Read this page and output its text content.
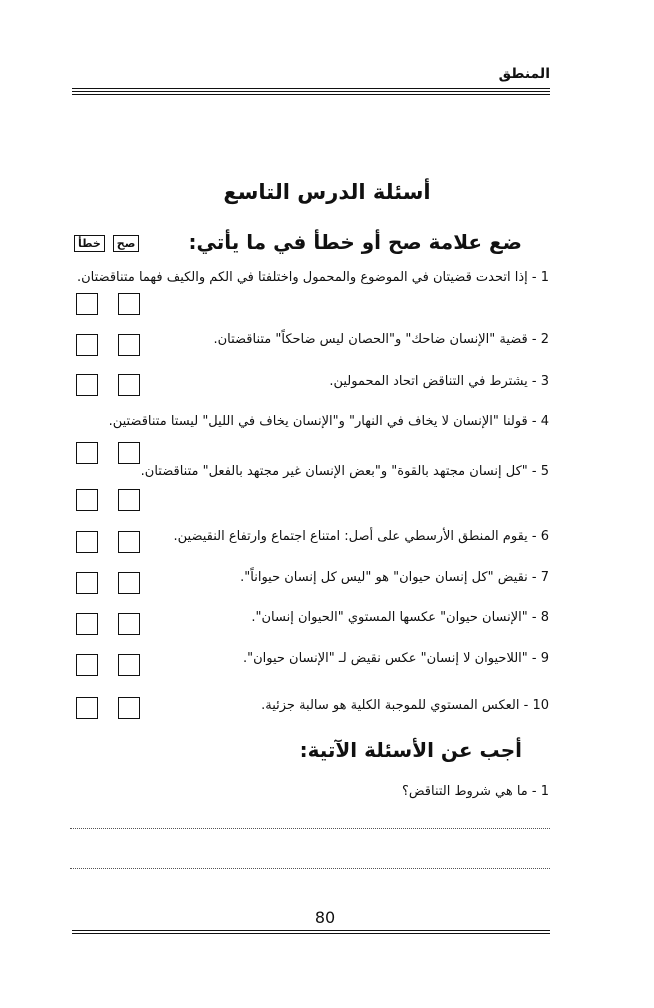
المنطق
أسئلة الدرس التاسع
ضع علامة صح أو خطأ في ما يأتي:
خطأ صح
1 - إذا اتحدت قضيتان في الموضوع والمحمول واختلفتا في الكم والكيف فهما متناقضتان.
2 - قضية "الإنسان ضاحك" و"الحصان ليس ضاحكاً" متناقضتان.
3 - يشترط في التناقض اتحاد المحمولين.
4 - قولنا "الإنسان لا يخاف في النهار" و"الإنسان يخاف في الليل" ليستا متناقضتين.
5 - "كل إنسان مجتهد بالقوة" و"بعض الإنسان غير مجتهد بالفعل" متناقضتان.
6 - يقوم المنطق الأرسطي على أصل: امتناع اجتماع وارتفاع النقيضين.
7 - نقيض "كل إنسان حيوان" هو "ليس كل إنسان حيواناً".
8 - "الإنسان حيوان" عكسها المستوي "الحيوان إنسان".
9 - "اللاحيوان لا إنسان" عكس نقيض لـ "الإنسان حيوان".
10 - العكس المستوي للموجبة الكلية هو سالبة جزئية.
أجب عن الأسئلة الآتية:
1 - ما هي شروط التناقض؟
80
